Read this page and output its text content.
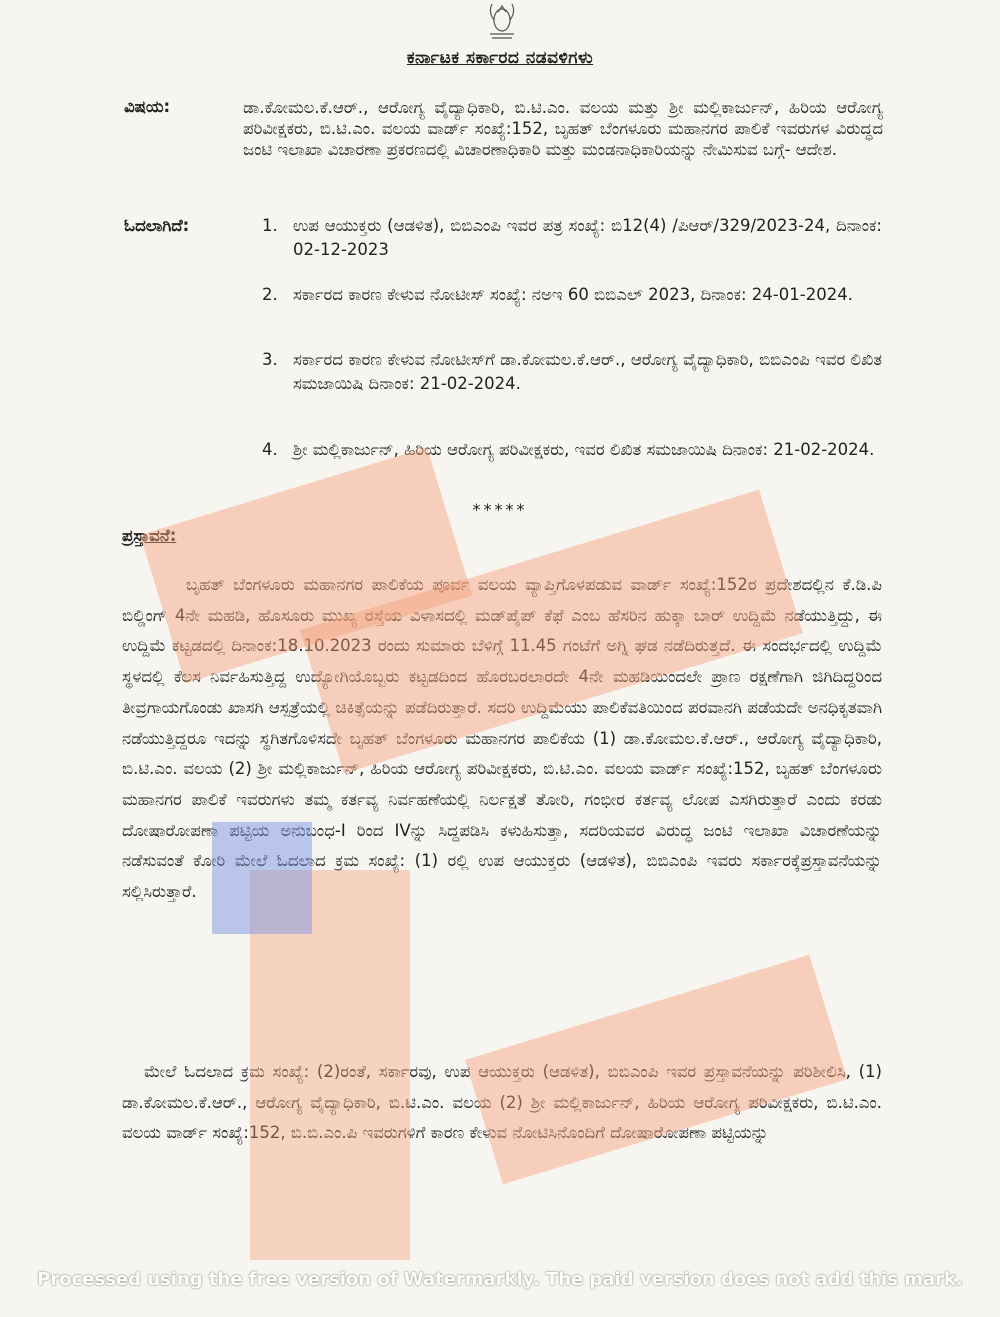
ಕರ್ನಾಟಕ ಸರ್ಕಾರದ ನಡವಳಿಗಳು
ವಿಷಯ:	ಡಾ.ಕೋಮಲ.ಕೆ.ಆರ್., ಆರೋಗ್ಯ ವೈದ್ಯಾಧಿಕಾರಿ, ಬಿ.ಟಿ.ಎಂ. ವಲಯ ಮತ್ತು ಶ್ರೀ ಮಲ್ಲಿಕಾರ್ಜುನ್, ಹಿರಿಯ ಆರೋಗ್ಯ ಪರಿವೀಕ್ಷಕರು, ಬಿ.ಟಿ.ಎಂ. ವಲಯ ವಾರ್ಡ್ ಸಂಖ್ಯೆ:152, ಬೃಹತ್ ಬೆಂಗಳೂರು ಮಹಾನಗರ ಪಾಲಿಕೆ ಇವರುಗಳ ವಿರುದ್ಧದ ಜಂಟಿ ಇಲಾಖಾ ವಿಚಾರಣಾ ಪ್ರಕರಣದಲ್ಲಿ ವಿಚಾರಣಾಧಿಕಾರಿ ಮತ್ತು ಮಂಡನಾಧಿಕಾರಿಯನ್ನು ನೇಮಿಸುವ ಬಗ್ಗೆ- ಆದೇಶ.

ಓದಲಾಗಿದೆ:	1. ಉಪ ಆಯುಕ್ತರು (ಆಡಳಿತ), ಬಿಬಿಎಂಪಿ ಇವರ ಪತ್ರ ಸಂಖ್ಯೆ: ಬಿ12(4) /ಪಿಆರ್/329/2023-24, ದಿನಾಂಕ: 02-12-2023
2. ಸರ್ಕಾರದ ಕಾರಣ ಕೇಳುವ ನೋಟೀಸ್ ಸಂಖ್ಯೆ: ನಅಇ 60 ಬಿಬಿಎಲ್ 2023, ದಿನಾಂಕ: 24-01-2024.
3. ಸರ್ಕಾರದ ಕಾರಣ ಕೇಳುವ ನೋಟೀಸ್‌ಗೆ ಡಾ.ಕೋಮಲ.ಕೆ.ಆರ್., ಆರೋಗ್ಯ ವೈದ್ಯಾಧಿಕಾರಿ, ಬಿಬಿಎಂಪಿ ಇವರ ಲಿಖಿತ ಸಮಜಾಯಿಷಿ ದಿನಾಂಕ: 21-02-2024.
4. ಶ್ರೀ ಮಲ್ಲಿಕಾರ್ಜುನ್, ಹಿರಿಯ ಆರೋಗ್ಯ ಪರಿವೀಕ್ಷಕರು, ಇವರ ಲಿಖಿತ ಸಮಜಾಯಿಷಿ ದಿನಾಂಕ: 21-02-2024.
*****
ಪ್ರಸ್ತಾವನೆ:

ಬೃಹತ್ ಬೆಂಗಳೂರು ಮಹಾನಗರ ಪಾಲಿಕೆಯ ಪೂರ್ವ ವಲಯ ವ್ಯಾಪ್ತಿಗೊಳಪಡುವ ವಾರ್ಡ್ ಸಂಖ್ಯೆ:152ರ ಪ್ರದೇಶದಲ್ಲಿನ ಕೆ.ಡಿ.ಪಿ ಬಿಲ್ಡಿಂಗ್ 4ನೇ ಮಹಡಿ, ಹೊಸೂರು ಮುಖ್ಯ ರಸ್ತೆಯ ವಿಳಾಸದಲ್ಲಿ ಮಡ್‌ಪೈಪ್ ಕೆಫೆ ಎಂಬ ಹೆಸರಿನ ಹುಕ್ಕಾ ಬಾರ್ ಉದ್ದಿಮೆ ನಡೆಯುತ್ತಿದ್ದು, ಈ ಉದ್ದಿಮೆ ಕಟ್ಟಡದಲ್ಲಿ ದಿನಾಂಕ:18.10.2023 ರಂದು ಸುಮಾರು ಬೆಳಿಗ್ಗೆ 11.45 ಗಂಟೆಗೆ ಅಗ್ನಿ ಘಡ ನಡೆದಿರುತ್ತದೆ. ಈ ಸಂದರ್ಭದಲ್ಲಿ ಉದ್ದಿಮೆ ಸ್ಥಳದಲ್ಲಿ ಕೆಲಸ ನಿರ್ವಹಿಸುತ್ತಿದ್ದ ಉದ್ಯೋಗಿಯೊಬ್ಬರು ಕಟ್ಟಡದಿಂದ ಹೊರಬರಲಾರದೇ 4ನೇ ಮಹಡಿಯಿಂದಲೇ ಪ್ರಾಣ ರಕ್ಷಣೆಗಾಗಿ ಜಿಗಿದಿದ್ದರಿಂದ ತೀವ್ರಗಾಯಗೊಂಡು ಖಾಸಗಿ ಆಸ್ಪತ್ರೆಯಲ್ಲಿ ಚಿಕಿತ್ಸೆಯನ್ನು ಪಡೆದಿರುತ್ತಾರೆ. ಸದರಿ ಉದ್ದಿಮೆಯು ಪಾಲಿಕೆವತಿಯಿಂದ ಪರವಾನಗಿ ಪಡೆಯದೇ ಅನಧಿಕೃತವಾಗಿ ನಡೆಯುತ್ತಿದ್ದರೂ ಇದನ್ನು ಸ್ಥಗಿತಗೊಳಿಸದೇ ಬೃಹತ್ ಬೆಂಗಳೂರು ಮಹಾನಗರ ಪಾಲಿಕೆಯ (1) ಡಾ.ಕೋಮಲ.ಕೆ.ಆರ್., ಆರೋಗ್ಯ ವೈದ್ಯಾಧಿಕಾರಿ, ಬಿ.ಟಿ.ಎಂ. ವಲಯ (2) ಶ್ರೀ ಮಲ್ಲಿಕಾರ್ಜುನ್, ಹಿರಿಯ ಆರೋಗ್ಯ ಪರಿವೀಕ್ಷಕರು, ಬಿ.ಟಿ.ಎಂ. ವಲಯ ವಾರ್ಡ್ ಸಂಖ್ಯೆ:152, ಬೃಹತ್ ಬೆಂಗಳೂರು ಮಹಾನಗರ ಪಾಲಿಕೆ ಇವರುಗಳು ತಮ್ಮ ಕರ್ತವ್ಯ ನಿರ್ವಹಣೆಯಲ್ಲಿ ನಿರ್ಲಕ್ಷತೆ ತೋರಿ, ಗಂಭೀರ ಕರ್ತವ್ಯ ಲೋಪ ಎಸಗಿರುತ್ತಾರೆ ಎಂದು ಕರಡು ದೋಷಾರೋಪಣಾ ಪಟ್ಟಿಯ ಅನುಬಂಧ-I ರಿಂದ IVನ್ನು ಸಿದ್ದಪಡಿಸಿ ಕಳುಹಿಸುತ್ತಾ, ಸದರಿಯವರ ವಿರುದ್ಧ ಜಂಟಿ ಇಲಾಖಾ ವಿಚಾರಣೆಯನ್ನು ನಡೆಸುವಂತೆ ಕೋರಿ ಮೇಲೆ ಓದಲಾದ ಕ್ರಮ ಸಂಖ್ಯೆ: (1) ರಲ್ಲಿ ಉಪ ಆಯುಕ್ತರು (ಆಡಳಿತ), ಬಿಬಿಎಂಪಿ ಇವರು ಸರ್ಕಾರಕ್ಕೆಪ್ರಸ್ತಾವನೆಯನ್ನು ಸಲ್ಲಿಸಿರುತ್ತಾರೆ.

ಮೇಲೆ ಓದಲಾದ ಕ್ರಮ ಸಂಖ್ಯೆ: (2)ರಂತೆ, ಸರ್ಕಾರವು, ಉಪ ಆಯುಕ್ತರು (ಆಡಳಿತ), ಬಿಬಿಎಂಪಿ ಇವರ ಪ್ರಸ್ತಾವನೆಯನ್ನು ಪರಿಶೀಲಿಸಿ, (1) ಡಾ.ಕೋಮಲ.ಕೆ.ಆರ್., ಆರೋಗ್ಯ ವೈದ್ಯಾಧಿಕಾರಿ, ಬಿ.ಟಿ.ಎಂ. ವಲಯ (2) ಶ್ರೀ ಮಲ್ಲಿಕಾರ್ಜುನ್, ಹಿರಿಯ ಆರೋಗ್ಯ ಪರಿವೀಕ್ಷಕರು, ಬಿ.ಟಿ.ಎಂ. ವಲಯ ವಾರ್ಡ್ ಸಂಖ್ಯೆ:152, ಬಿ.ಬಿ.ಎಂ.ಪಿ ಇವರುಗಳಿಗೆ ಕಾರಣ ಕೇಳುವ ನೋಟಿಸಿನೊಂದಿಗೆ ದೋಷಾರೋಪಣಾ ಪಟ್ಟಿಯನ್ನು

Processed using the free version of Watermarkly. The paid version does not add this mark.
